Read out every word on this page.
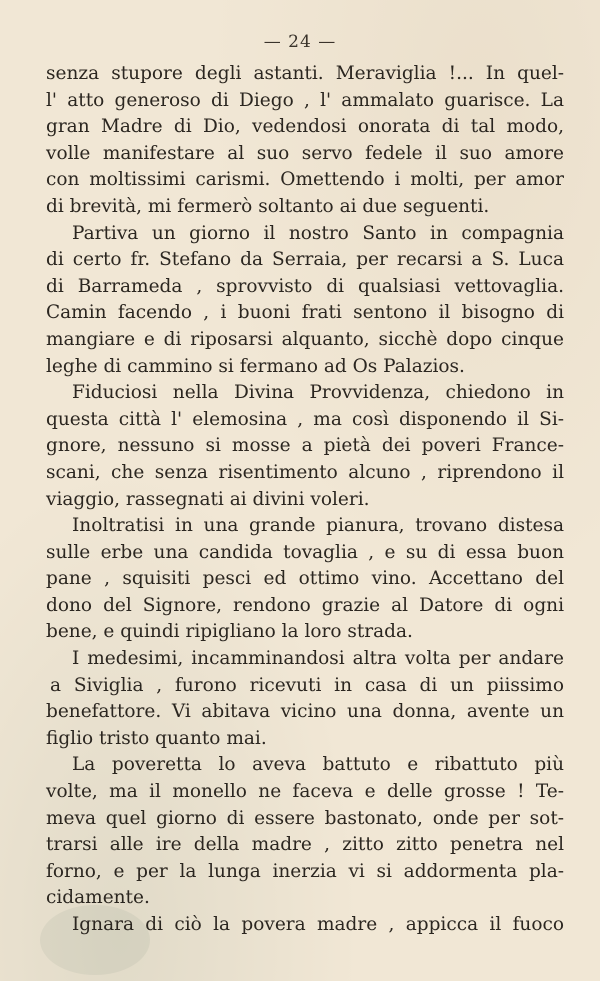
— 24 —
senza stupore degli astanti. Meraviglia !... In quel-
l' atto generoso di Diego , l' ammalato guarisce. La
gran Madre di Dio, vedendosi onorata di tal modo,
volle manifestare al suo servo fedele il suo amore
con moltissimi carismi. Omettendo i molti, per amor
di brevità, mi fermerò soltanto ai due seguenti.
Partiva un giorno il nostro Santo in compagnia
di certo fr. Stefano da Serraia, per recarsi a S. Luca
di Barrameda , sprovvisto di qualsiasi vettovaglia.
Camin facendo , i buoni frati sentono il bisogno di
mangiare e di riposarsi alquanto, sicchè dopo cinque
leghe di cammino si fermano ad Os Palazios.
Fiduciosi nella Divina Provvidenza, chiedono in
questa città l' elemosina , ma così disponendo il Si-
gnore, nessuno si mosse a pietà dei poveri France-
scani, che senza risentimento alcuno , riprendono il
viaggio, rassegnati ai divini voleri.
Inoltratisi in una grande pianura, trovano distesa
sulle erbe una candida tovaglia , e su di essa buon
pane , squisiti pesci ed ottimo vino. Accettano del
dono del Signore, rendono grazie al Datore di ogni
bene, e quindi ripigliano la loro strada.
I medesimi, incamminandosi altra volta per andare
a Siviglia , furono ricevuti in casa di un piissimo
benefattore. Vi abitava vicino una donna, avente un
figlio tristo quanto mai.
La poveretta lo aveva battuto e ribattuto più
volte, ma il monello ne faceva e delle grosse ! Te-
meva quel giorno di essere bastonato, onde per sot-
trarsi alle ire della madre , zitto zitto penetra nel
forno, e per la lunga inerzia vi si addormenta pla-
cidamente.
Ignara di ciò la povera madre , appicca il fuoco
